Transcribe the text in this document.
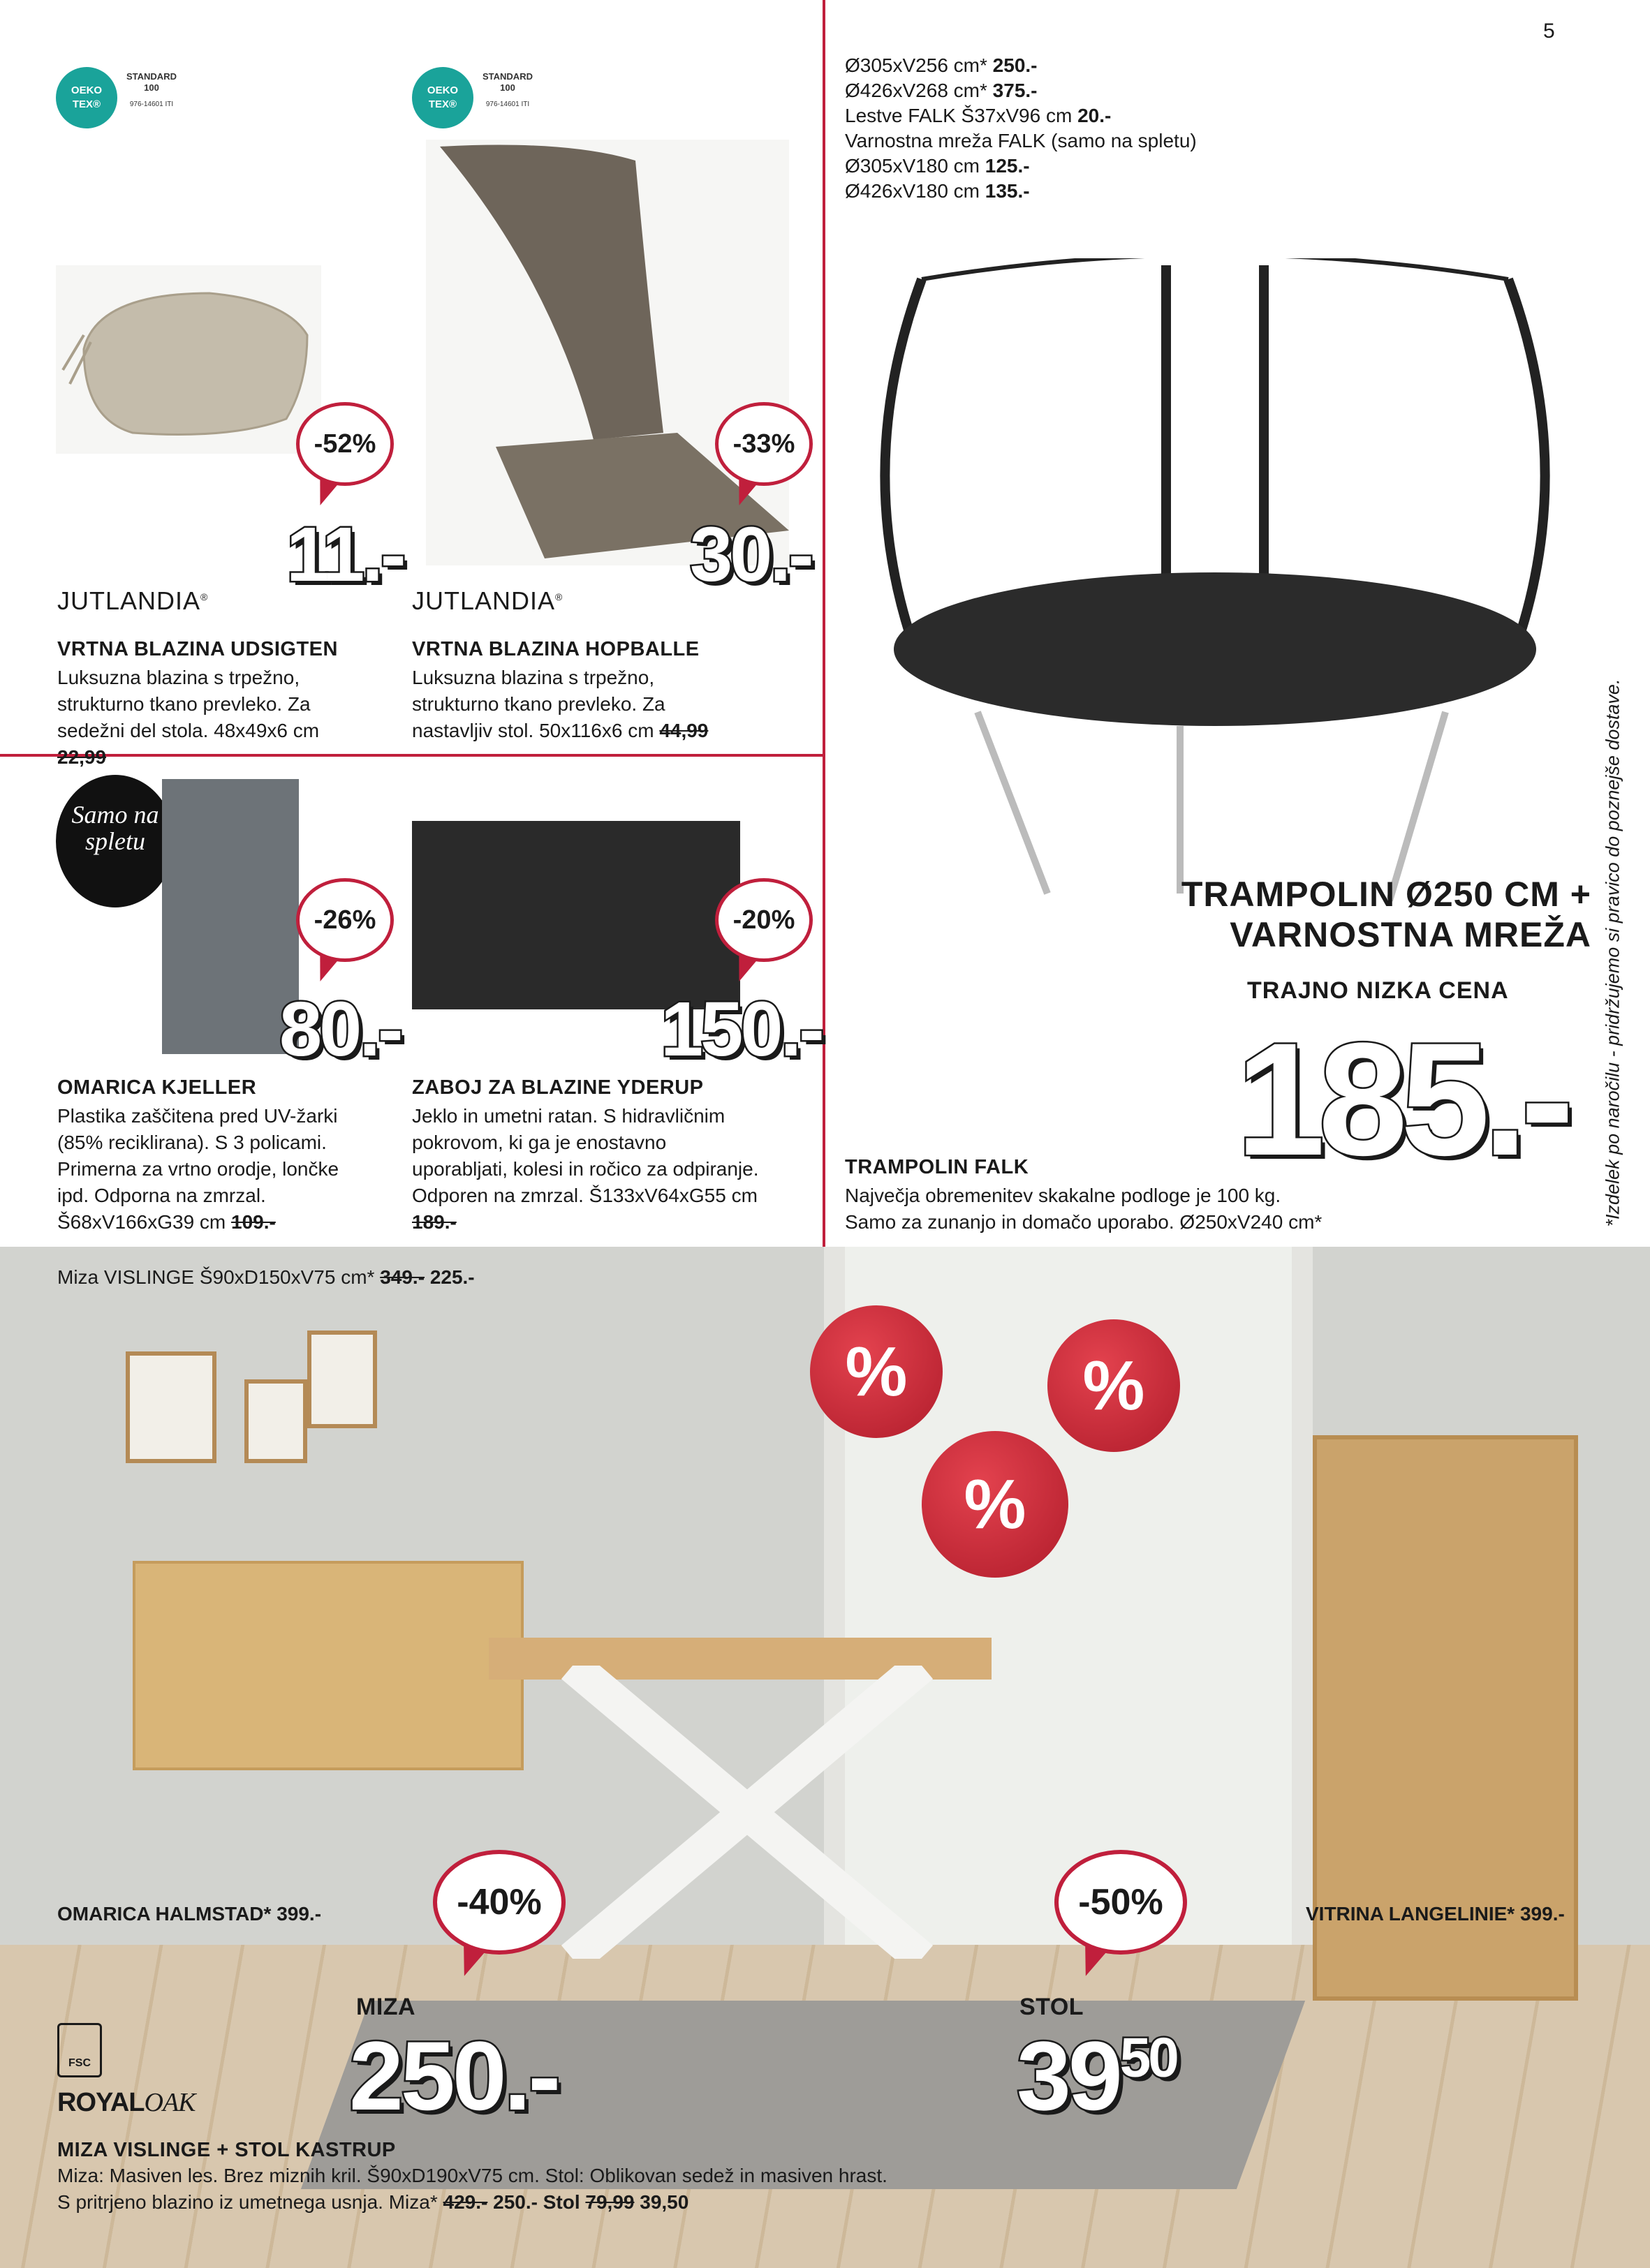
5
OEKO TEX®
STANDARD 100
976-14601 ITI
-52%
11.-
JUTLANDIA®
VRTNA BLAZINA UDSIGTEN
Luksuzna blazina s trpežno, strukturno tkano prevleko. Za sedežni del stola. 48x49x6 cm 22,99
OEKO TEX®
STANDARD 100
976-14601 ITI
-33%
30.-
JUTLANDIA®
VRTNA BLAZINA HOPBALLE
Luksuzna blazina s trpežno, strukturno tkano prevleko. Za nastavljiv stol. 50x116x6 cm 44,99
Samo na spletu
-26%
80.-
OMARICA KJELLER
Plastika zaščitena pred UV-žarki (85% reciklirana). S 3 policami. Primerna za vrtno orodje, lončke ipd. Odporna na zmrzal. Š68xV166xG39 cm 109.-
-20%
150.-
ZABOJ ZA BLAZINE YDERUP
Jeklo in umetni ratan. S hidravličnim pokrovom, ki ga je enostavno uporabljati, kolesi in ročico za odpiranje. Odporen na zmrzal. Š133xV64xG55 cm 189.-
Ø305xV256 cm* 250.-
Ø426xV268 cm* 375.-
Lestve FALK Š37xV96 cm 20.-
Varnostna mreža FALK (samo na spletu)
Ø305xV180 cm 125.-
Ø426xV180 cm 135.-
TRAMPOLIN Ø250 CM +
VARNOSTNA MREŽA
TRAJNO NIZKA CENA
185.-
TRAMPOLIN FALK
Največja obremenitev skakalne podloge je 100 kg.
Samo za zunanjo in domačo uporabo. Ø250xV240 cm*	*Izdelek po naročilu - pridržujemo si pravico do poznejše dostave.
Miza VISLINGE Š90xD150xV75 cm* 349.- 225.-
%	%
%
OMARICA HALMSTAD* 399.-	VITRINA LANGELINIE* 399.-
-40%	-50%
MIZA
250.-
STOL
$39^{50}$
FSC
ROYALOAK
MIZA VISLINGE + STOL KASTRUP
Miza: Masiven les. Brez miznih kril. Š90xD190xV75 cm. Stol: Oblikovan sedež in masiven hrast.
S pritrjeno blazino iz umetnega usnja. Miza* 429.- 250.- Stol 79,99 39,50
